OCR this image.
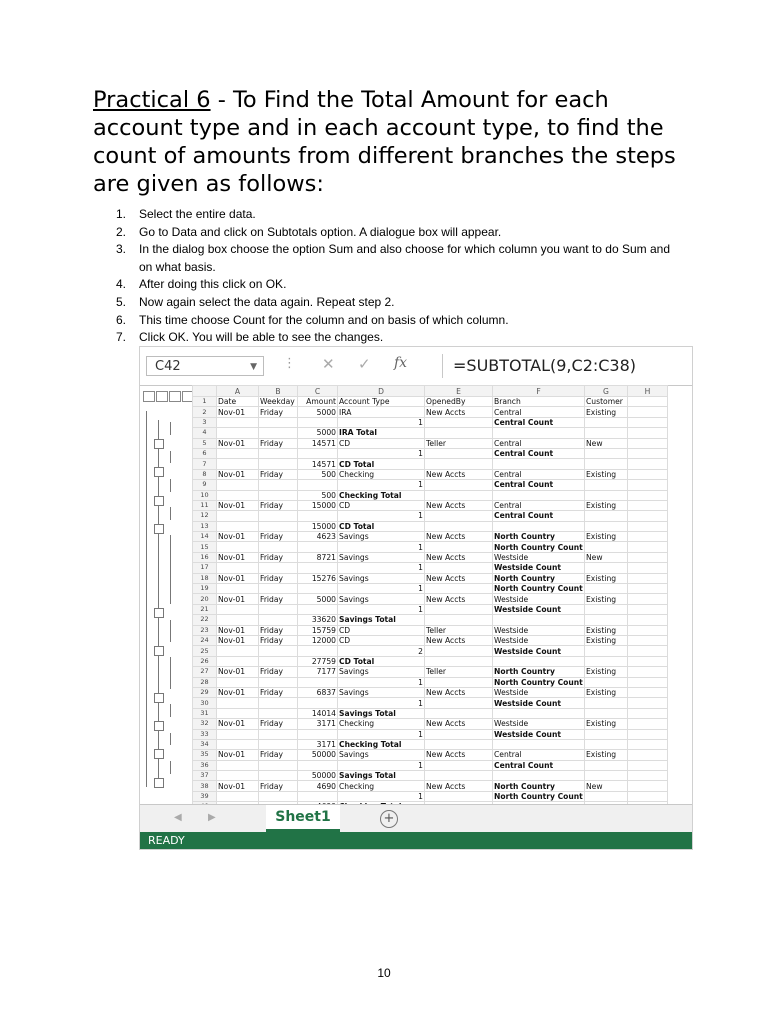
Practical 6 - To Find the Total Amount for each account type and in each account type, to find the count of amounts from different branches the steps are given as follows:
1. Select the entire data.
2. Go to Data and click on Subtotals option. A dialogue box will appear.
3. In the dialog box choose the option Sum and also choose for which column you want to do Sum and on what basis.
4. After doing this click on OK.
5. Now again select the data again. Repeat step 2.
6. This time choose Count for the column and on basis of which column.
7. Click OK. You will be able to see the changes.
C42	▼ ⋮ ✕ ✓ fx	=SUBTOTAL(9,C2:C38)
	A	B	C	D	E	F	G	H
1	Date	Weekday	Amount	Account Type	OpenedBy	Branch	Customer	
2	Nov-01	Friday	5000	IRA	New Accts	Central	Existing	
3				1		Central Count		
4			5000	IRA Total				
5	Nov-01	Friday	14571	CD	Teller	Central	New	
6				1		Central Count		
7			14571	CD Total				
8	Nov-01	Friday	500	Checking	New Accts	Central	Existing	
9				1		Central Count		
10			500	Checking Total				
11	Nov-01	Friday	15000	CD	New Accts	Central	Existing	
12				1		Central Count		
13			15000	CD Total				
14	Nov-01	Friday	4623	Savings	New Accts	North Country	Existing	
15				1		North Country Count		
16	Nov-01	Friday	8721	Savings	New Accts	Westside	New	
17				1		Westside Count		
18	Nov-01	Friday	15276	Savings	New Accts	North Country	Existing	
19				1		North Country Count		
20	Nov-01	Friday	5000	Savings	New Accts	Westside	Existing	
21				1		Westside Count		
22			33620	Savings Total				
23	Nov-01	Friday	15759	CD	Teller	Westside	Existing	
24	Nov-01	Friday	12000	CD	New Accts	Westside	Existing	
25				2		Westside Count		
26			27759	CD Total				
27	Nov-01	Friday	7177	Savings	Teller	North Country	Existing	
28				1		North Country Count		
29	Nov-01	Friday	6837	Savings	New Accts	Westside	Existing	
30				1		Westside Count		
31			14014	Savings Total				
32	Nov-01	Friday	3171	Checking	New Accts	Westside	Existing	
33				1		Westside Count		
34			3171	Checking Total				
35	Nov-01	Friday	50000	Savings	New Accts	Central	Existing	
36				1		Central Count		
37			50000	Savings Total				
38	Nov-01	Friday	4690	Checking	New Accts	North Country	New	
39				1		North Country Count		

◀	▶	Sheet1	+
READY
10
